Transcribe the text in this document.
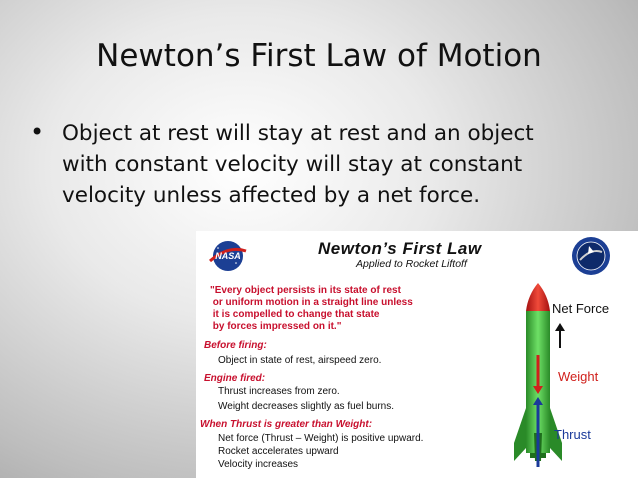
Newton’s First Law of Motion
• Object at rest will stay at rest and an object
with constant velocity will stay at constant
velocity unless affected by a net force.
NASA	Newton’s First Law
Applied to Rocket Liftoff
"Every object persists in its state of rest
or uniform motion in a straight line unless
it is compelled to change that state
by forces impressed on it."
Before firing:
Object in state of rest, airspeed zero.
Engine fired:
Thrust increases from zero.
Weight decreases slightly as fuel burns.
When Thrust is greater than Weight:
Net force (Thrust – Weight) is positive upward.
Rocket accelerates upward
Velocity increases
Net Force
Weight
Thrust
